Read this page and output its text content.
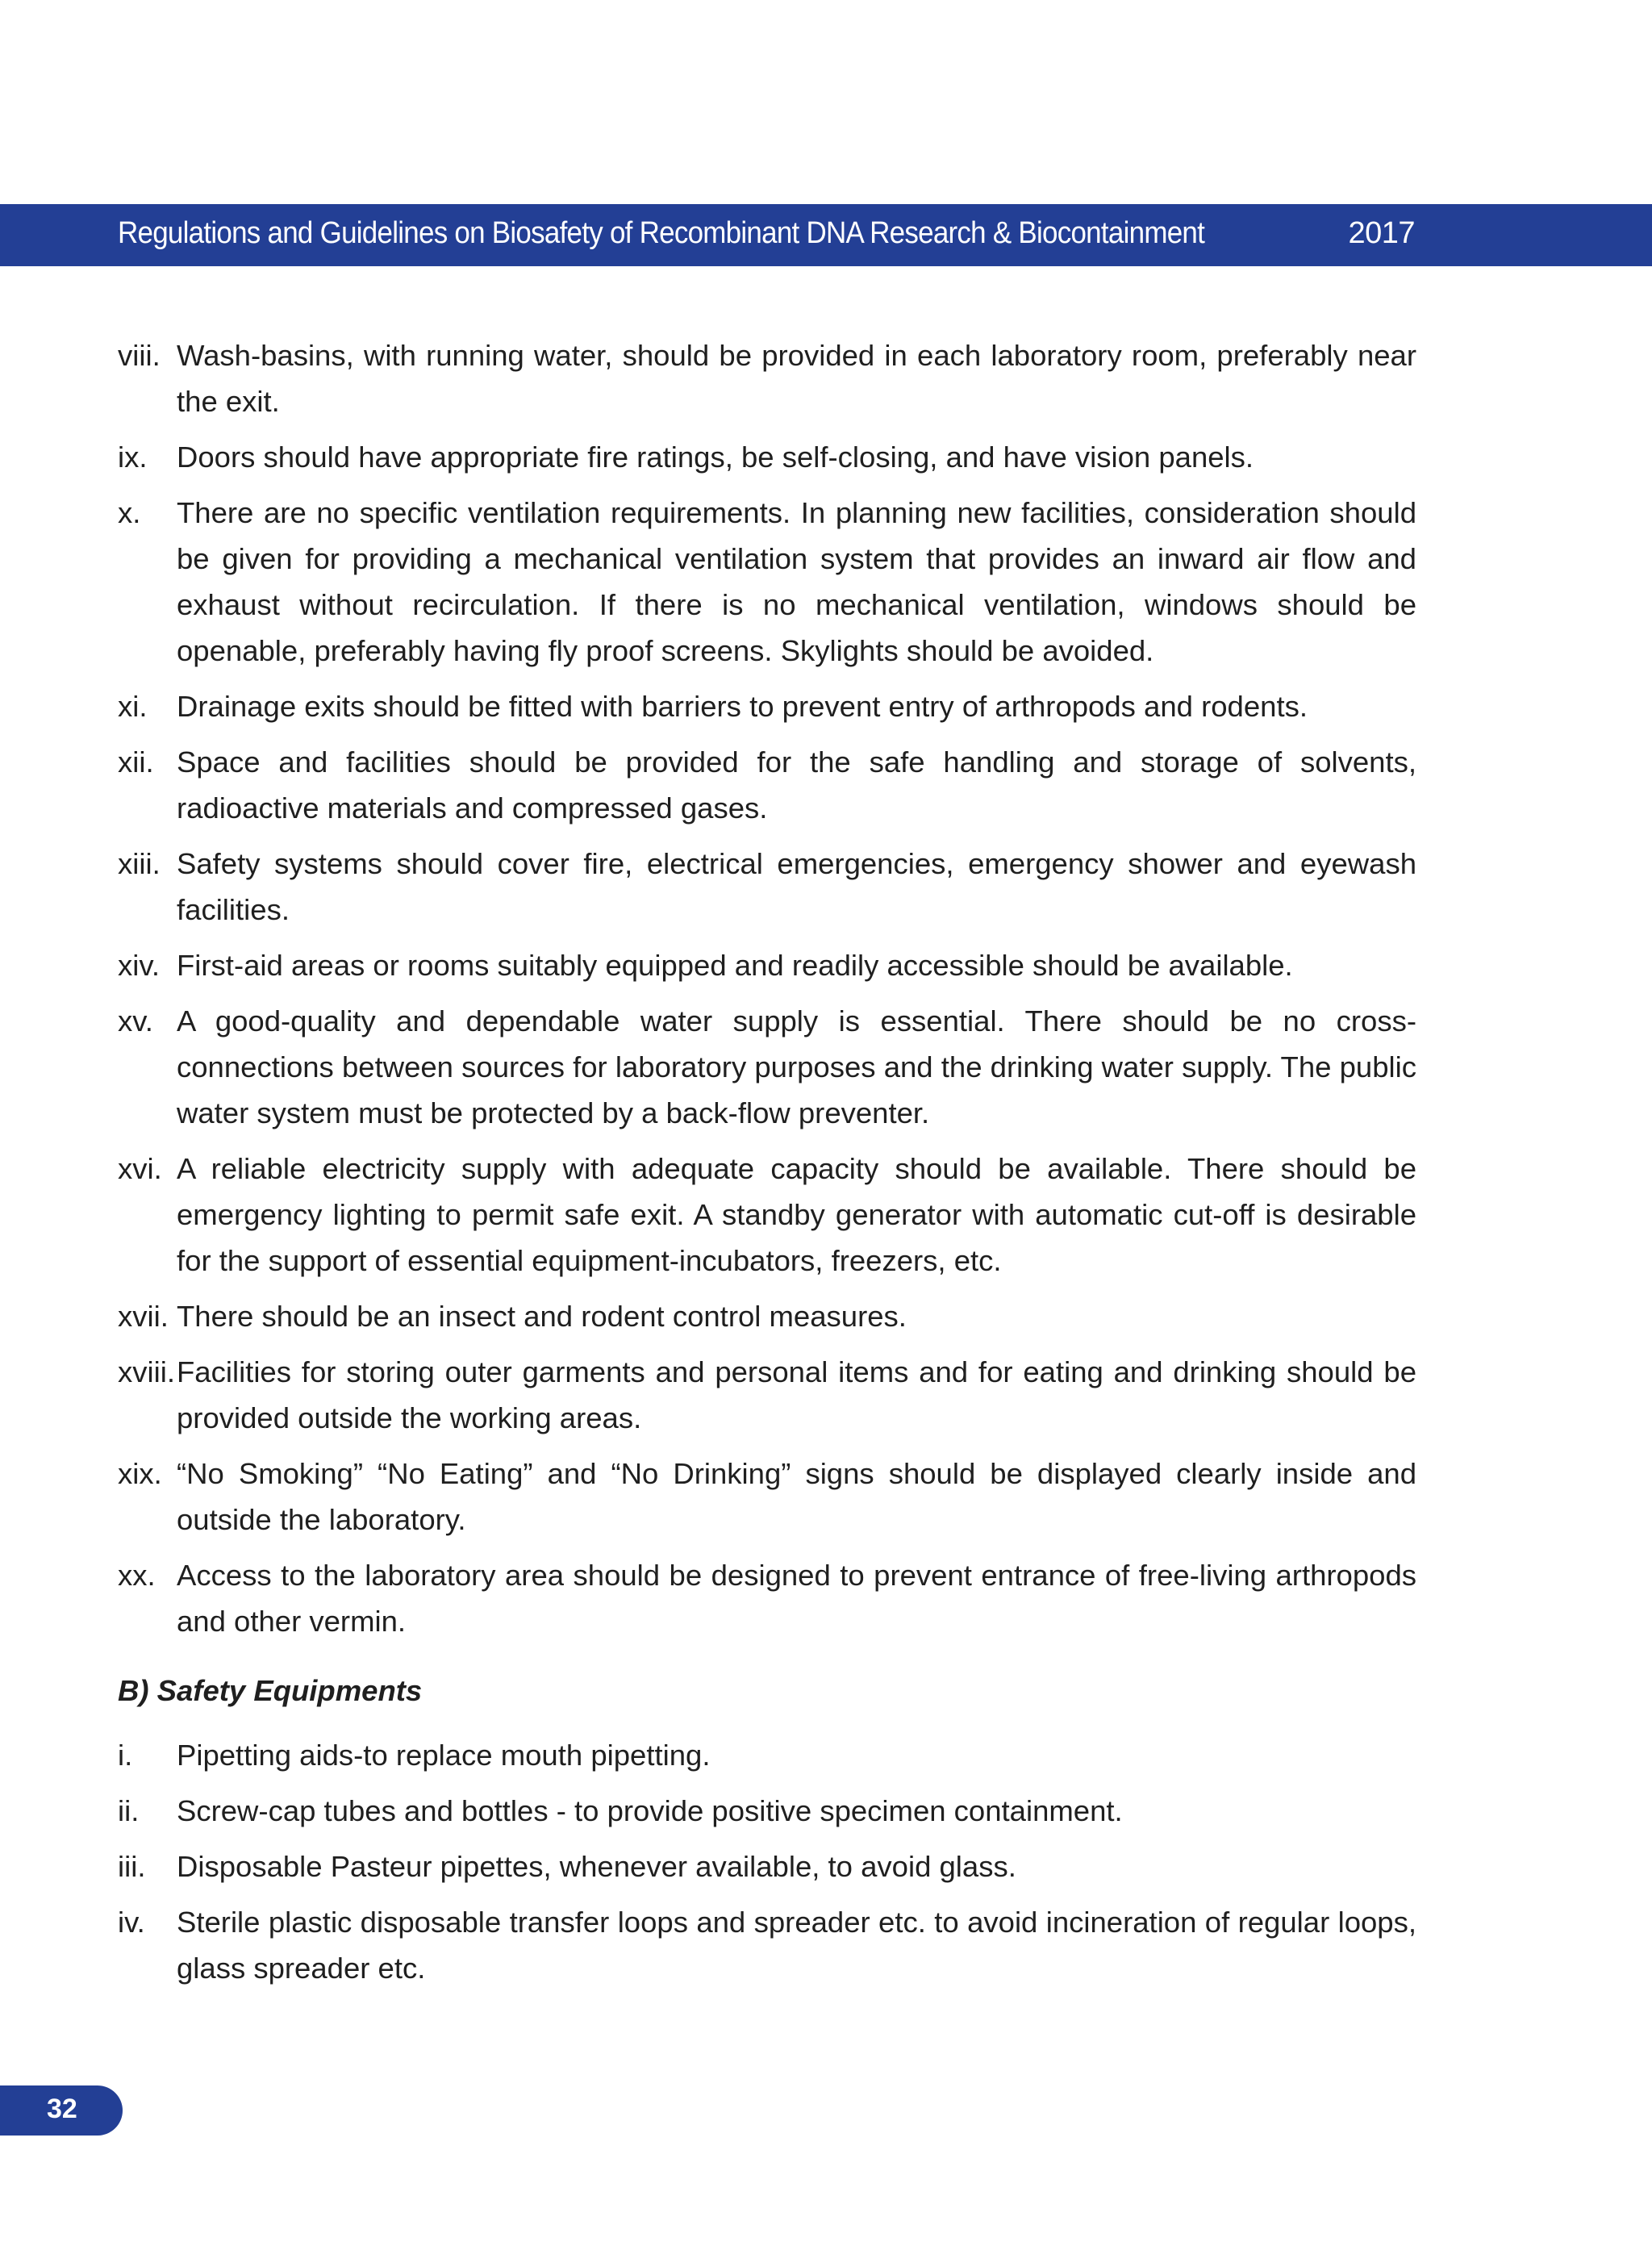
Regulations and Guidelines on Biosafety of Recombinant DNA Research & Biocontainment	2017
viii. Wash-basins, with running water, should be provided in each laboratory room, preferably near the exit.
ix. Doors should have appropriate fire ratings, be self-closing, and have vision panels.
x. There are no specific ventilation requirements. In planning new facilities, consideration should be given for providing a mechanical ventilation system that provides an inward air flow and exhaust without recirculation. If there is no mechanical ventilation, windows should be openable, preferably having fly proof screens. Skylights should be avoided.
xi. Drainage exits should be fitted with barriers to prevent entry of arthropods and rodents.
xii. Space and facilities should be provided for the safe handling and storage of solvents, radioactive materials and compressed gases.
xiii. Safety systems should cover fire, electrical emergencies, emergency shower and eyewash facilities.
xiv. First-aid areas or rooms suitably equipped and readily accessible should be available.
xv. A good-quality and dependable water supply is essential. There should be no cross-connections between sources for laboratory purposes and the drinking water supply. The public water system must be protected by a back-flow preventer.
xvi. A reliable electricity supply with adequate capacity should be available. There should be emergency lighting to permit safe exit. A standby generator with automatic cut-off is desirable for the support of essential equipment-incubators, freezers, etc.
xvii. There should be an insect and rodent control measures.
xviii. Facilities for storing outer garments and personal items and for eating and drinking should be provided outside the working areas.
xix. “No Smoking” “No Eating” and “No Drinking” signs should be displayed clearly inside and outside the laboratory.
xx. Access to the laboratory area should be designed to prevent entrance of free-living arthropods and other vermin.
B) Safety Equipments
i. Pipetting aids-to replace mouth pipetting.
ii. Screw-cap tubes and bottles - to provide positive specimen containment.
iii. Disposable Pasteur pipettes, whenever available, to avoid glass.
iv. Sterile plastic disposable transfer loops and spreader etc. to avoid incineration of regular loops, glass spreader etc.
32
